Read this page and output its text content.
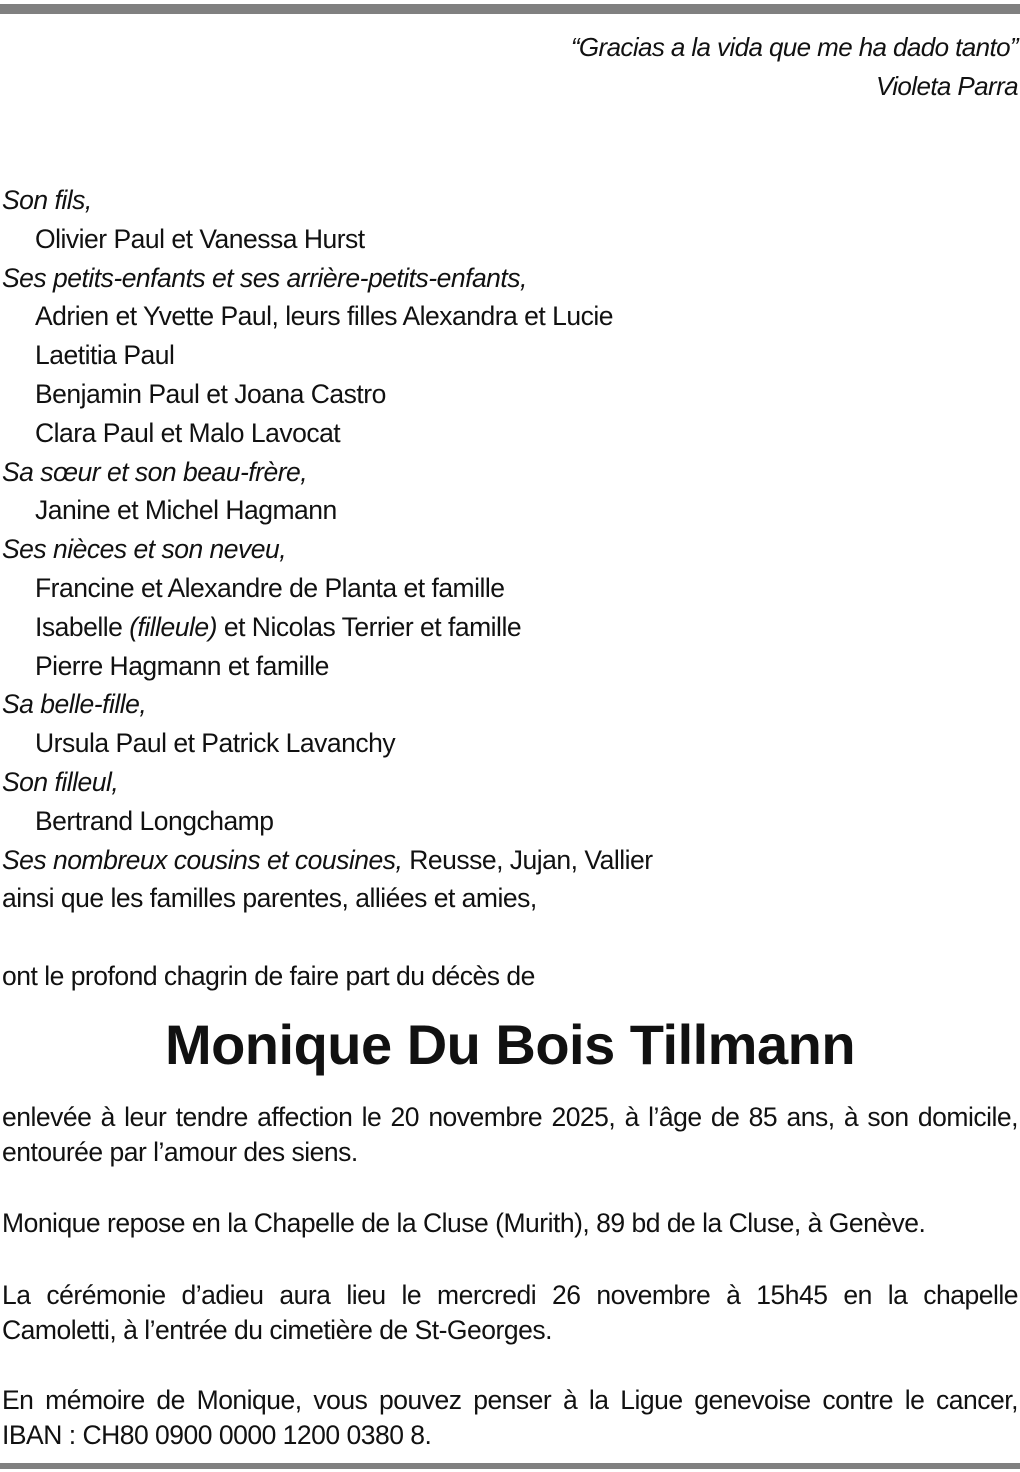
“Gracias a la vida que me ha dado tanto”
Violeta Parra
Son fils,
Olivier Paul et Vanessa Hurst
Ses petits-enfants et ses arrière-petits-enfants,
Adrien et Yvette Paul, leurs filles Alexandra et Lucie
Laetitia Paul
Benjamin Paul et Joana Castro
Clara Paul et Malo Lavocat
Sa sœur et son beau-frère,
Janine et Michel Hagmann
Ses nièces et son neveu,
Francine et Alexandre de Planta et famille
Isabelle (filleule) et Nicolas Terrier et famille
Pierre Hagmann et famille
Sa belle-fille,
Ursula Paul et Patrick Lavanchy
Son filleul,
Bertrand Longchamp
Ses nombreux cousins et cousines, Reusse, Jujan, Vallier
ainsi que les familles parentes, alliées et amies,
ont le profond chagrin de faire part du décès de
Monique Du Bois Tillmann
enlevée à leur tendre affection le 20 novembre 2025, à l’âge de 85 ans, à son domicile, entourée par l’amour des siens.
Monique repose en la Chapelle de la Cluse (Murith), 89 bd de la Cluse, à Genève.
La cérémonie d’adieu aura lieu le mercredi 26 novembre à 15h45 en la chapelle Camoletti, à l’entrée du cimetière de St-Georges.
En mémoire de Monique, vous pouvez penser à la Ligue genevoise contre le cancer, IBAN : CH80 0900 0000 1200 0380 8.
